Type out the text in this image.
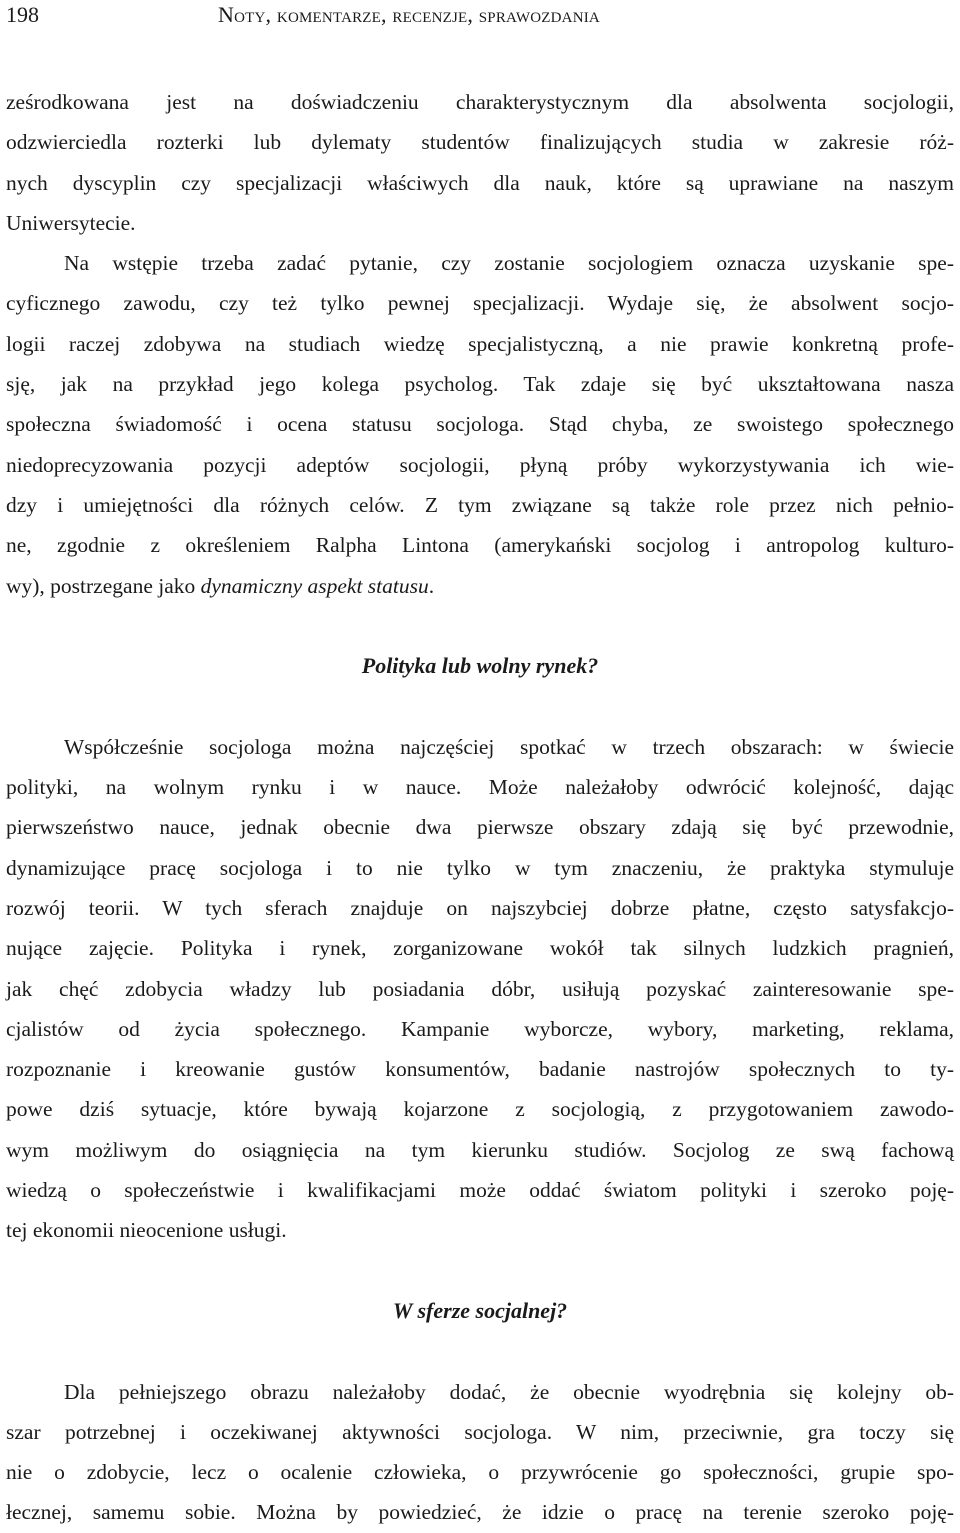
198	Noty, komentarze, recenzje, sprawozdania
ześrodkowana jest na doświadczeniu charakterystycznym dla absolwenta socjologii,
odzwierciedla rozterki lub dylematy studentów finalizujących studia w zakresie róż-
nych dyscyplin czy specjalizacji właściwych dla nauk, które są uprawiane na naszym
Uniwersytecie.
Na wstępie trzeba zadać pytanie, czy zostanie socjologiem oznacza uzyskanie spe-
cyficznego zawodu, czy też tylko pewnej specjalizacji. Wydaje się, że absolwent socjo-
logii raczej zdobywa na studiach wiedzę specjalistyczną, a nie prawie konkretną profe-
sję, jak na przykład jego kolega psycholog. Tak zdaje się być ukształtowana nasza
społeczna świadomość i ocena statusu socjologa. Stąd chyba, ze swoistego społecznego
niedoprecyzowania pozycji adeptów socjologii, płyną próby wykorzystywania ich wie-
dzy i umiejętności dla różnych celów. Z tym związane są także role przez nich pełnio-
ne, zgodnie z określeniem Ralpha Lintona (amerykański socjolog i antropolog kulturo-
wy), postrzegane jako dynamiczny aspekt statusu.
Polityka lub wolny rynek?
Współcześnie socjologa można najczęściej spotkać w trzech obszarach: w świecie
polityki, na wolnym rynku i w nauce. Może należałoby odwrócić kolejność, dając
pierwszeństwo nauce, jednak obecnie dwa pierwsze obszary zdają się być przewodnie,
dynamizujące pracę socjologa i to nie tylko w tym znaczeniu, że praktyka stymuluje
rozwój teorii. W tych sferach znajduje on najszybciej dobrze płatne, często satysfakcjo-
nujące zajęcie. Polityka i rynek, zorganizowane wokół tak silnych ludzkich pragnień,
jak chęć zdobycia władzy lub posiadania dóbr, usiłują pozyskać zainteresowanie spe-
cjalistów od życia społecznego. Kampanie wyborcze, wybory, marketing, reklama,
rozpoznanie i kreowanie gustów konsumentów, badanie nastrojów społecznych to ty-
powe dziś sytuacje, które bywają kojarzone z socjologią, z przygotowaniem zawodo-
wym możliwym do osiągnięcia na tym kierunku studiów. Socjolog ze swą fachową
wiedzą o społeczeństwie i kwalifikacjami może oddać światom polityki i szeroko poję-
tej ekonomii nieocenione usługi.
W sferze socjalnej?
Dla pełniejszego obrazu należałoby dodać, że obecnie wyodrębnia się kolejny ob-
szar potrzebnej i oczekiwanej aktywności socjologa. W nim, przeciwnie, gra toczy się
nie o zdobycie, lecz o ocalenie człowieka, o przywrócenie go społeczności, grupie spo-
łecznej, samemu sobie. Można by powiedzieć, że idzie o pracę na terenie szeroko poję-
